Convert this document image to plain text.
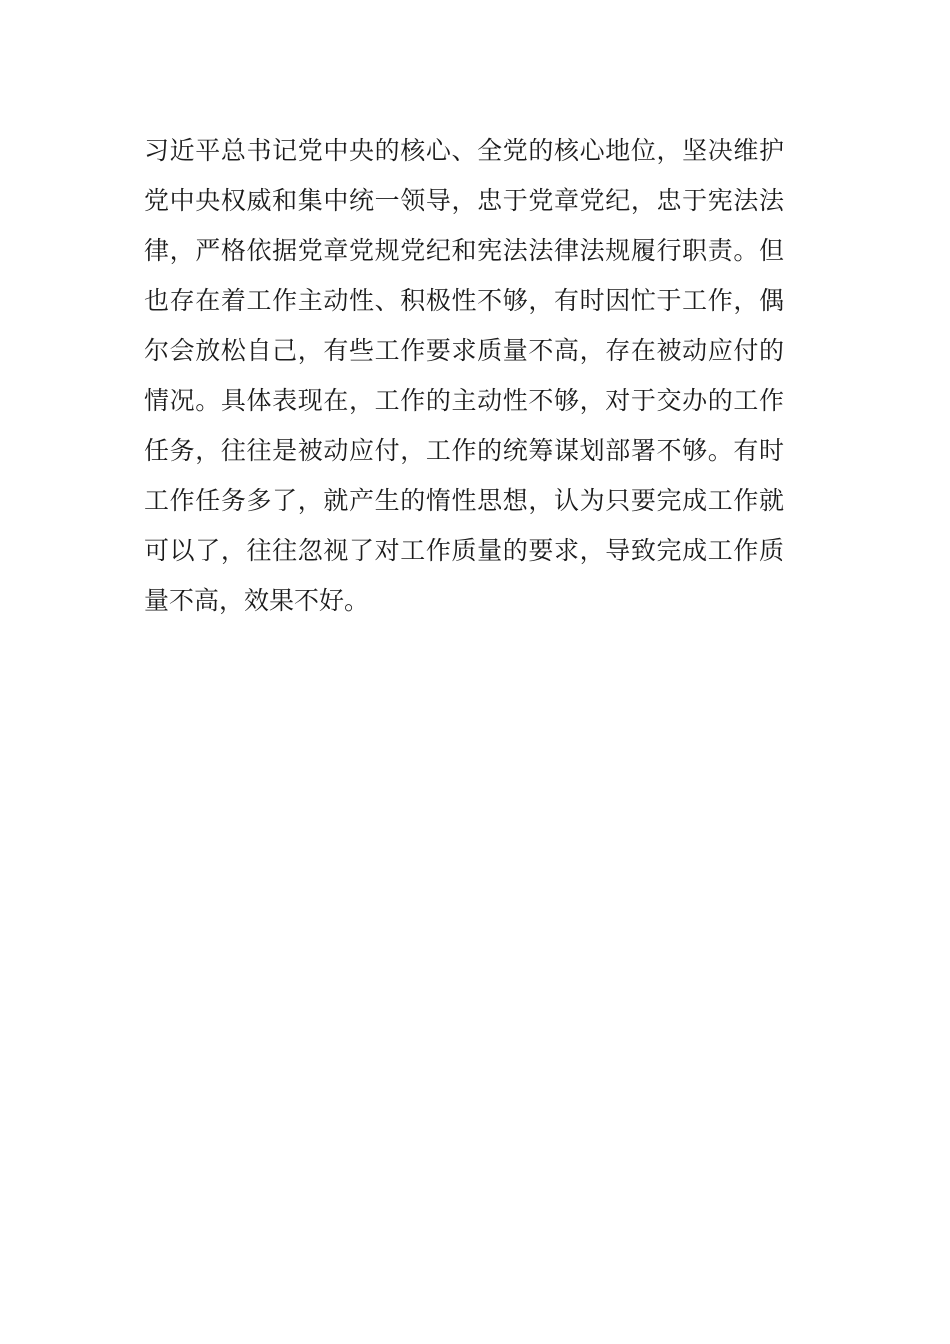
习近平总书记党中央的核心、全党的核心地位，坚决维护
党中央权威和集中统一领导，忠于党章党纪，忠于宪法法
律，严格依据党章党规党纪和宪法法律法规履行职责。但
也存在着工作主动性、积极性不够，有时因忙于工作，偶
尔会放松自己，有些工作要求质量不高，存在被动应付的
情况。具体表现在，工作的主动性不够，对于交办的工作
任务，往往是被动应付，工作的统筹谋划部署不够。有时
工作任务多了，就产生的惰性思想，认为只要完成工作就
可以了，往往忽视了对工作质量的要求，导致完成工作质
量不高，效果不好。
